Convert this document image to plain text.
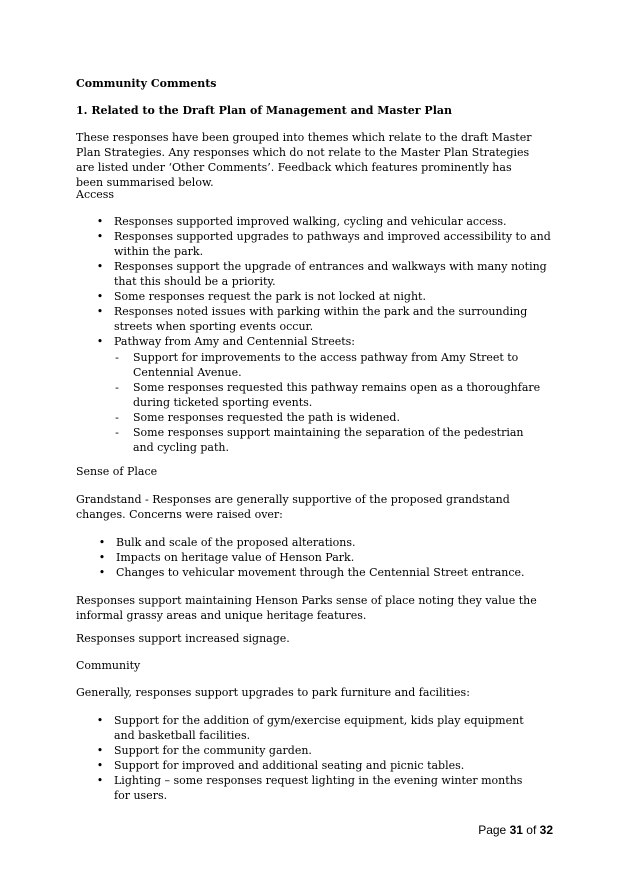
Community Comments

1. Related to the Draft Plan of Management and Master Plan

These responses have been grouped into themes which relate to the draft Master Plan Strategies. Any responses which do not relate to the Master Plan Strategies are listed under ‘Other Comments’. Feedback which features prominently has been summarised below.

Access

• Responses supported improved walking, cycling and vehicular access.
• Responses supported upgrades to pathways and improved accessibility to and within the park.
• Responses support the upgrade of entrances and walkways with many noting that this should be a priority.
• Some responses request the park is not locked at night.
• Responses noted issues with parking within the park and the surrounding streets when sporting events occur.
• Pathway from Amy and Centennial Streets:
- Support for improvements to the access pathway from Amy Street to Centennial Avenue.
- Some responses requested this pathway remains open as a thoroughfare during ticketed sporting events.
- Some responses requested the path is widened.
- Some responses support maintaining the separation of the pedestrian and cycling path.

Sense of Place

Grandstand - Responses are generally supportive of the proposed grandstand changes. Concerns were raised over:

• Bulk and scale of the proposed alterations.
• Impacts on heritage value of Henson Park.
• Changes to vehicular movement through the Centennial Street entrance.

Responses support maintaining Henson Parks sense of place noting they value the informal grassy areas and unique heritage features.

Responses support increased signage.

Community

Generally, responses support upgrades to park furniture and facilities:

• Support for the addition of gym/exercise equipment, kids play equipment and basketball facilities.
• Support for the community garden.
• Support for improved and additional seating and picnic tables.
• Lighting – some responses request lighting in the evening winter months for users.
Page 31 of 32
